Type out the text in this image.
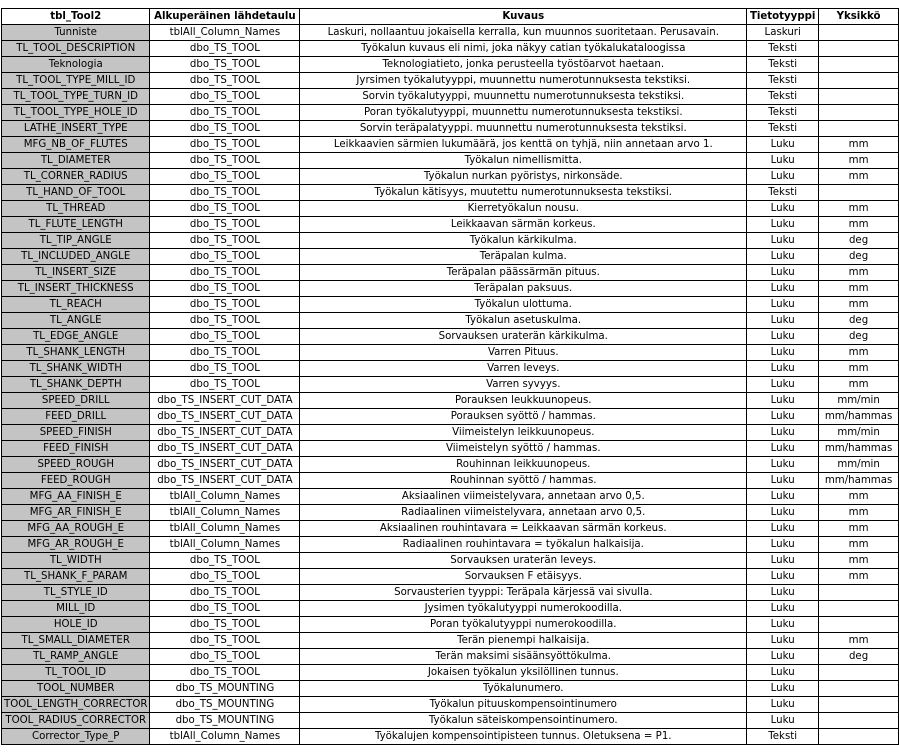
tbl_Tool2	Alkuperäinen lähdetaulu	Kuvaus	Tietotyyppi	Yksikkö
Tunniste	tblAll_Column_Names	Laskuri, nollaantuu jokaisella kerralla, kun muunnos suoritetaan. Perusavain.	Laskuri	
TL_TOOL_DESCRIPTION	dbo_TS_TOOL	Työkalun kuvaus eli nimi, joka näkyy catian työkalukataloogissa	Teksti	
Teknologia	dbo_TS_TOOL	Teknologiatieto, jonka perusteella työstöarvot haetaan.	Teksti	
TL_TOOL_TYPE_MILL_ID	dbo_TS_TOOL	Jyrsimen työkalutyyppi, muunnettu numerotunnuksesta tekstiksi.	Teksti	
TL_TOOL_TYPE_TURN_ID	dbo_TS_TOOL	Sorvin työkalutyyppi, muunnettu numerotunnuksesta tekstiksi.	Teksti	
TL_TOOL_TYPE_HOLE_ID	dbo_TS_TOOL	Poran työkalutyyppi, muunnettu numerotunnuksesta tekstiksi.	Teksti	
LATHE_INSERT_TYPE	dbo_TS_TOOL	Sorvin teräpalatyyppi. muunnettu numerotunnuksesta tekstiksi.	Teksti	
MFG_NB_OF_FLUTES	dbo_TS_TOOL	Leikkaavien särmien lukumäärä, jos kenttä on tyhjä, niin annetaan arvo 1.	Luku	mm
TL_DIAMETER	dbo_TS_TOOL	Työkalun nimellismitta.	Luku	mm
TL_CORNER_RADIUS	dbo_TS_TOOL	Työkalun nurkan pyöristys, nirkonsäde.	Luku	mm
TL_HAND_OF_TOOL	dbo_TS_TOOL	Työkalun kätisyys, muutettu numerotunnuksesta tekstiksi.	Teksti	
TL_THREAD	dbo_TS_TOOL	Kierretyökalun nousu.	Luku	mm
TL_FLUTE_LENGTH	dbo_TS_TOOL	Leikkaavan särmän korkeus.	Luku	mm
TL_TIP_ANGLE	dbo_TS_TOOL	Työkalun kärkikulma.	Luku	deg
TL_INCLUDED_ANGLE	dbo_TS_TOOL	Teräpalan kulma.	Luku	deg
TL_INSERT_SIZE	dbo_TS_TOOL	Teräpalan päässärmän pituus.	Luku	mm
TL_INSERT_THICKNESS	dbo_TS_TOOL	Teräpalan paksuus.	Luku	mm
TL_REACH	dbo_TS_TOOL	Työkalun ulottuma.	Luku	mm
TL_ANGLE	dbo_TS_TOOL	Työkalun asetuskulma.	Luku	deg
TL_EDGE_ANGLE	dbo_TS_TOOL	Sorvauksen uraterän kärkikulma.	Luku	deg
TL_SHANK_LENGTH	dbo_TS_TOOL	Varren Pituus.	Luku	mm
TL_SHANK_WIDTH	dbo_TS_TOOL	Varren leveys.	Luku	mm
TL_SHANK_DEPTH	dbo_TS_TOOL	Varren syvyys.	Luku	mm
SPEED_DRILL	dbo_TS_INSERT_CUT_DATA	Porauksen leukkuunopeus.	Luku	mm/min
FEED_DRILL	dbo_TS_INSERT_CUT_DATA	Porauksen syöttö / hammas.	Luku	mm/hammas
SPEED_FINISH	dbo_TS_INSERT_CUT_DATA	Viimeistelyn leikkuunopeus.	Luku	mm/min
FEED_FINISH	dbo_TS_INSERT_CUT_DATA	Viimeistelyn syöttö / hammas.	Luku	mm/hammas
SPEED_ROUGH	dbo_TS_INSERT_CUT_DATA	Rouhinnan leikkuunopeus.	Luku	mm/min
FEED_ROUGH	dbo_TS_INSERT_CUT_DATA	Rouhinnan syöttö / hammas.	Luku	mm/hammas
MFG_AA_FINISH_E	tblAll_Column_Names	Aksiaalinen viimeistelyvara, annetaan arvo 0,5.	Luku	mm
MFG_AR_FINISH_E	tblAll_Column_Names	Radiaalinen viimeistelyvara, annetaan arvo 0,5.	Luku	mm
MFG_AA_ROUGH_E	tblAll_Column_Names	Aksiaalinen rouhintavara = Leikkaavan särmän korkeus.	Luku	mm
MFG_AR_ROUGH_E	tblAll_Column_Names	Radiaalinen rouhintavara = työkalun halkaisija.	Luku	mm
TL_WIDTH	dbo_TS_TOOL	Sorvauksen uraterän leveys.	Luku	mm
TL_SHANK_F_PARAM	dbo_TS_TOOL	Sorvauksen F etäisyys.	Luku	mm
TL_STYLE_ID	dbo_TS_TOOL	Sorvausterien tyyppi: Teräpala kärjessä vai sivulla.	Luku	
MILL_ID	dbo_TS_TOOL	Jysimen työkalutyyppi numerokoodilla.	Luku	
HOLE_ID	dbo_TS_TOOL	Poran työkalutyyppi numerokoodilla.	Luku	
TL_SMALL_DIAMETER	dbo_TS_TOOL	Terän pienempi halkaisija.	Luku	mm
TL_RAMP_ANGLE	dbo_TS_TOOL	Terän maksimi sisäänsyöttökulma.	Luku	deg
TL_TOOL_ID	dbo_TS_TOOL	Jokaisen työkalun yksilöllinen tunnus.	Luku	
TOOL_NUMBER	dbo_TS_MOUNTING	Työkalunumero.	Luku	
TOOL_LENGTH_CORRECTOR	dbo_TS_MOUNTING	Työkalun pituuskompensointinumero	Luku	
TOOL_RADIUS_CORRECTOR	dbo_TS_MOUNTING	Työkalun säteiskompensointinumero.	Luku	
Corrector_Type_P	tblAll_Column_Names	Työkalujen kompensointipisteen tunnus. Oletuksena = P1.	Teksti	
